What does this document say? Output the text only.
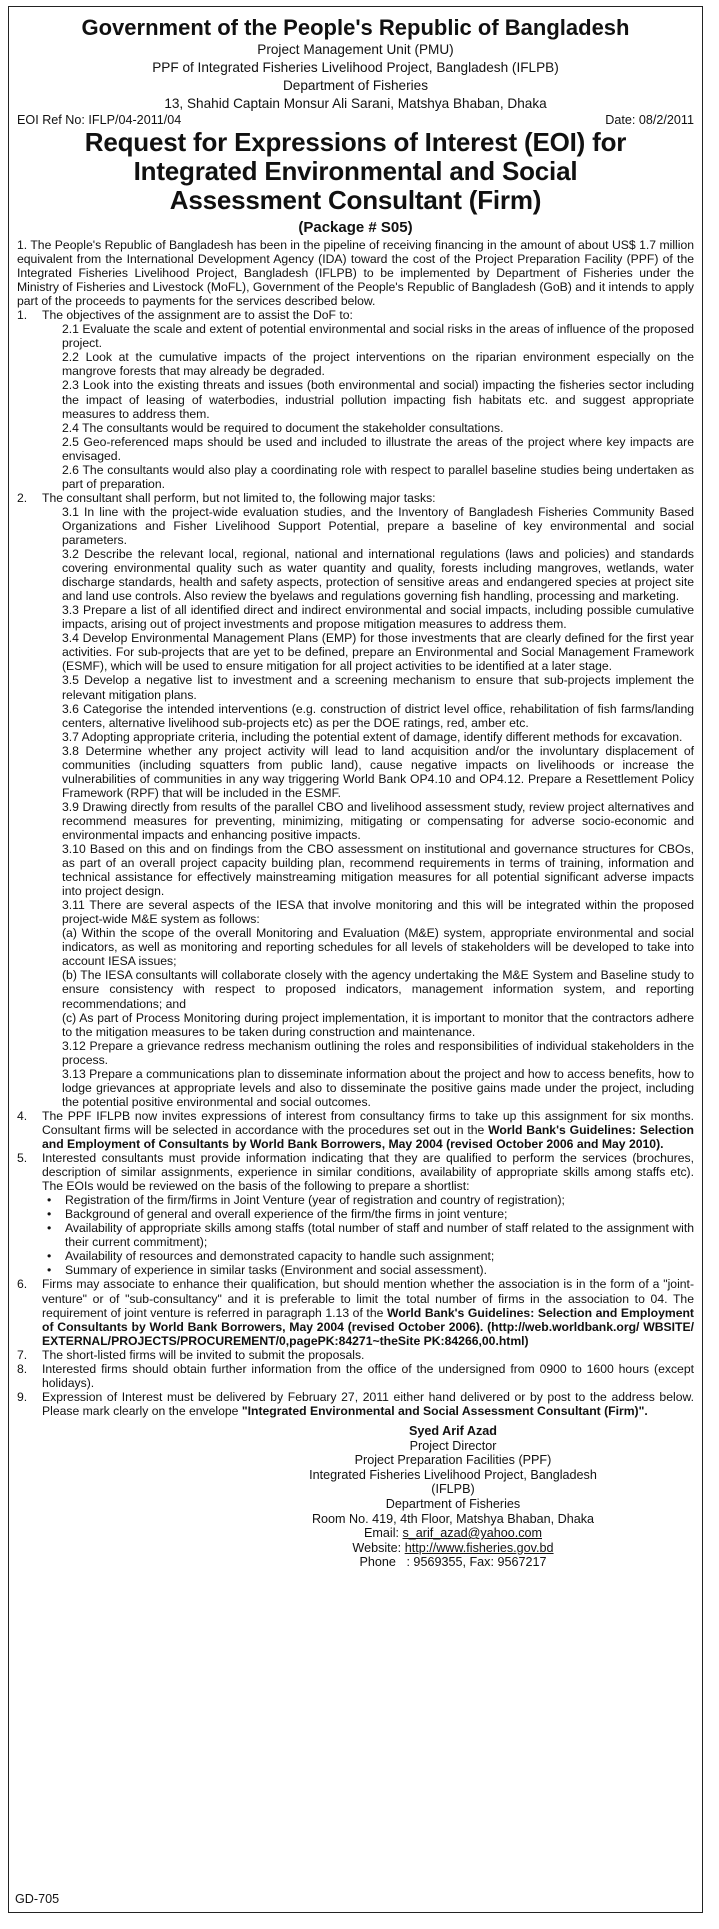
Government of the People's Republic of Bangladesh
Project Management Unit (PMU)
PPF of Integrated Fisheries Livelihood Project, Bangladesh (IFLPB)
Department of Fisheries
13, Shahid Captain Monsur Ali Sarani, Matshya Bhaban, Dhaka
EOI Ref No: IFLP/04-2011/04	Date: 08/2/2011
Request for Expressions of Interest (EOI) for
Integrated Environmental and Social
Assessment Consultant (Firm)
(Package # S05)

1. The People's Republic of Bangladesh has been in the pipeline of receiving financing in the amount of about US$ 1.7 million equivalent from the International Development Agency (IDA) toward the cost of the Project Preparation Facility (PPF) of the Integrated Fisheries Livelihood Project, Bangladesh (IFLPB) to be implemented by Department of Fisheries under the Ministry of Fisheries and Livestock (MoFL), Government of the People's Republic of Bangladesh (GoB) and it intends to apply part of the proceeds to payments for the services described below.

1.	The objectives of the assignment are to assist the DoF to:

2.1 Evaluate the scale and extent of potential environmental and social risks in the areas of influence of the proposed project.

2.2 Look at the cumulative impacts of the project interventions on the riparian environment especially on the mangrove forests that may already be degraded.

2.3 Look into the existing threats and issues (both environmental and social) impacting the fisheries sector including the impact of leasing of waterbodies, industrial pollution impacting fish habitats etc. and suggest appropriate measures to address them.

2.4 The consultants would be required to document the stakeholder consultations.

2.5 Geo-referenced maps should be used and included to illustrate the areas of the project where key impacts are envisaged.

2.6 The consultants would also play a coordinating role with respect to parallel baseline studies being undertaken as part of preparation.

2.	The consultant shall perform, but not limited to, the following major tasks:

3.1 In line with the project-wide evaluation studies, and the Inventory of Bangladesh Fisheries Community Based Organizations and Fisher Livelihood Support Potential, prepare a baseline of key environmental and social parameters.

3.2 Describe the relevant local, regional, national and international regulations (laws and policies) and standards covering environmental quality such as water quantity and quality, forests including mangroves, wetlands, water discharge standards, health and safety aspects, protection of sensitive areas and endangered species at project site and land use controls. Also review the byelaws and regulations governing fish handling, processing and marketing.

3.3 Prepare a list of all identified direct and indirect environmental and social impacts, including possible cumulative impacts, arising out of project investments and propose mitigation measures to address them.

3.4 Develop Environmental Management Plans (EMP) for those investments that are clearly defined for the first year activities. For sub-projects that are yet to be defined, prepare an Environmental and Social Management Framework (ESMF), which will be used to ensure mitigation for all project activities to be identified at a later stage.

3.5 Develop a negative list to investment and a screening mechanism to ensure that sub-projects implement the relevant mitigation plans.

3.6 Categorise the intended interventions (e.g. construction of district level office, rehabilitation of fish farms/landing centers, alternative livelihood sub-projects etc) as per the DOE ratings, red, amber etc.

3.7 Adopting appropriate criteria, including the potential extent of damage, identify different methods for excavation.

3.8 Determine whether any project activity will lead to land acquisition and/or the involuntary displacement of communities (including squatters from public land), cause negative impacts on livelihoods or increase the vulnerabilities of communities in any way triggering World Bank OP4.10 and OP4.12. Prepare a Resettlement Policy Framework (RPF) that will be included in the ESMF.

3.9 Drawing directly from results of the parallel CBO and livelihood assessment study, review project alternatives and recommend measures for preventing, minimizing, mitigating or compensating for adverse socio-economic and environmental impacts and enhancing positive impacts.

3.10 Based on this and on findings from the CBO assessment on institutional and governance structures for CBOs, as part of an overall project capacity building plan, recommend requirements in terms of training, information and technical assistance for effectively mainstreaming mitigation measures for all potential significant adverse impacts into project design.

3.11 There are several aspects of the IESA that involve monitoring and this will be integrated within the proposed project-wide M&E system as follows:

(a) Within the scope of the overall Monitoring and Evaluation (M&E) system, appropriate environmental and social indicators, as well as monitoring and reporting schedules for all levels of stakeholders will be developed to take into account IESA issues;

(b) The IESA consultants will collaborate closely with the agency undertaking the M&E System and Baseline study to ensure consistency with respect to proposed indicators, management information system, and reporting recommendations; and

(c) As part of Process Monitoring during project implementation, it is important to monitor that the contractors adhere to the mitigation measures to be taken during construction and maintenance.

3.12 Prepare a grievance redress mechanism outlining the roles and responsibilities of individual stakeholders in the process.

3.13 Prepare a communications plan to disseminate information about the project and how to access benefits, how to lodge grievances at appropriate levels and also to disseminate the positive gains made under the project, including the potential positive environmental and social outcomes.

4.	The PPF IFLPB now invites expressions of interest from consultancy firms to take up this assignment for six months. Consultant firms will be selected in accordance with the procedures set out in the World Bank's Guidelines: Selection and Employment of Consultants by World Bank Borrowers, May 2004 (revised October 2006 and May 2010).
5.	Interested consultants must provide information indicating that they are qualified to perform the services (brochures, description of similar assignments, experience in similar conditions, availability of appropriate skills among staffs etc). The EOIs would be reviewed on the basis of the following to prepare a shortlist:
• Registration of the firm/firms in Joint Venture (year of registration and country of registration);
• Background of general and overall experience of the firm/the firms in joint venture;
• Availability of appropriate skills among staffs (total number of staff and number of staff related to the assignment with their current commitment);
• Availability of resources and demonstrated capacity to handle such assignment;
• Summary of experience in similar tasks (Environment and social assessment).
6.	Firms may associate to enhance their qualification, but should mention whether the association is in the form of a "joint-venture" or of "sub-consultancy" and it is preferable to limit the total number of firms in the association to 04. The requirement of joint venture is referred in paragraph 1.13 of the World Bank's Guidelines: Selection and Employment of Consultants by World Bank Borrowers, May 2004 (revised October 2006). (http://web.worldbank.org/ WBSITE/ EXTERNAL/PROJECTS/PROCUREMENT/0,pagePK:84271~theSite PK:84266,00.html)
7.	The short-listed firms will be invited to submit the proposals.
8.	Interested firms should obtain further information from the office of the undersigned from 0900 to 1600 hours (except holidays).
9.	Expression of Interest must be delivered by February 27, 2011 either hand delivered or by post to the address below. Please mark clearly on the envelope "Integrated Environmental and Social Assessment Consultant (Firm)".
Syed Arif Azad
Project Director
Project Preparation Facilities (PPF)
Integrated Fisheries Livelihood Project, Bangladesh (IFLPB)
Department of Fisheries
Room No. 419, 4th Floor, Matshya Bhaban, Dhaka
Email: s_arif_azad@yahoo.com
Website: http://www.fisheries.gov.bd
Phone : 9569355, Fax: 9567217
GD-705
